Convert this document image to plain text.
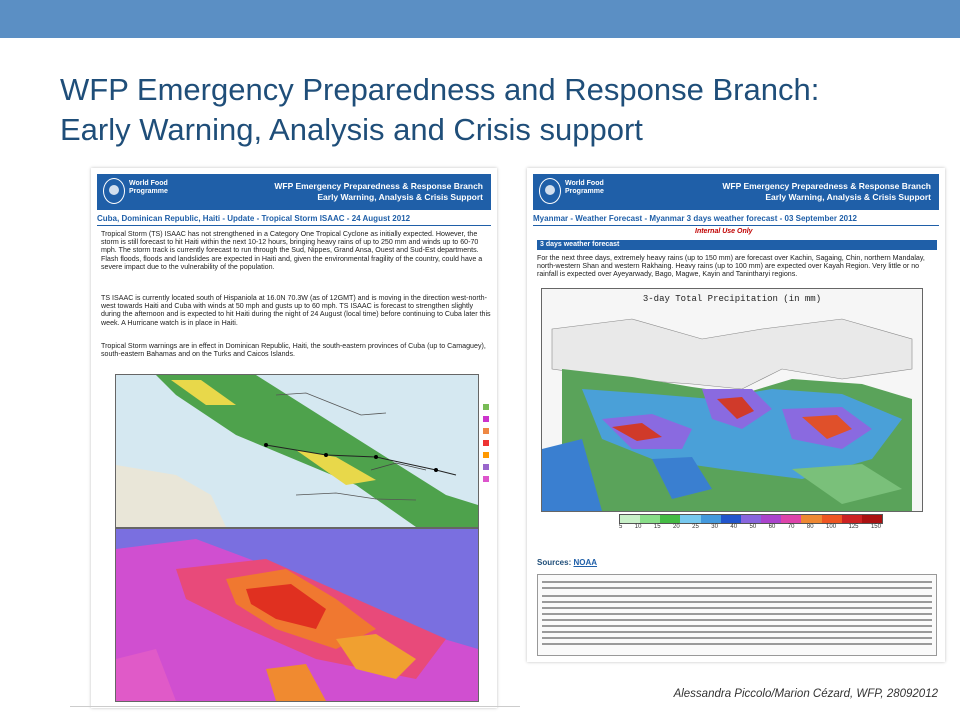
WFP Emergency Preparedness and Response Branch:
Early Warning, Analysis and Crisis support
World Food Programme
WFP Emergency Preparedness & Response Branch
Early Warning, Analysis & Crisis Support
Cuba, Dominican Republic, Haiti - Update - Tropical Storm ISAAC - 24 August 2012
Tropical Storm (TS) ISAAC has not strengthened in a Category One Tropical Cyclone as initially expected. However, the storm is still forecast to hit Haiti within the next 10-12 hours, bringing heavy rains of up to 250 mm and winds up to 60-70 mph. The storm track is currently forecast to run through the Sud, Nippes, Grand Ansa, Ouest and Sud-Est departments. Flash floods, floods and landslides are expected in Haiti and, given the environmental fragility of the country, could have a severe impact due to the vulnerability of the population.
TS ISAAC is currently located south of Hispaniola at 16.0N 70.3W (as of 12GMT) and is moving in the direction west-north-west towards Haiti and Cuba with winds at 50 mph and gusts up to 60 mph. TS ISAAC is forecast to strengthen slightly during the afternoon and is expected to hit Haiti during the night of 24 August (local time) before continuing to Cuba later this week. A Hurricane watch is in place in Haiti.
Tropical Storm warnings are in effect in Dominican Republic, Haiti, the south-eastern provinces of Cuba (up to Camaguey), south-eastern Bahamas and on the Turks and Caicos Islands.
World Food Programme
WFP Emergency Preparedness & Response Branch
Early Warning, Analysis & Crisis Support
Myanmar - Weather Forecast - Myanmar 3 days weather forecast - 03 September 2012
Internal Use Only
3 days weather forecast
For the next three days, extremely heavy rains (up to 150 mm) are forecast over Kachin, Sagaing, Chin, northern Mandalay, north-western Shan and western Rakhaing. Heavy rains (up to 100 mm) are expected over Kayah Region. Very little or no rainfall is expected over Ayeyarwady, Bago, Magwe, Kayin and Tanintharyi regions.
3-day Total Precipitation (in mm)
5 10 15 20 25 30 40 50 60 70 80 100 125 150
Sources: NOAA
Alessandra Piccolo/Marion Cézard, WFP, 28092012
